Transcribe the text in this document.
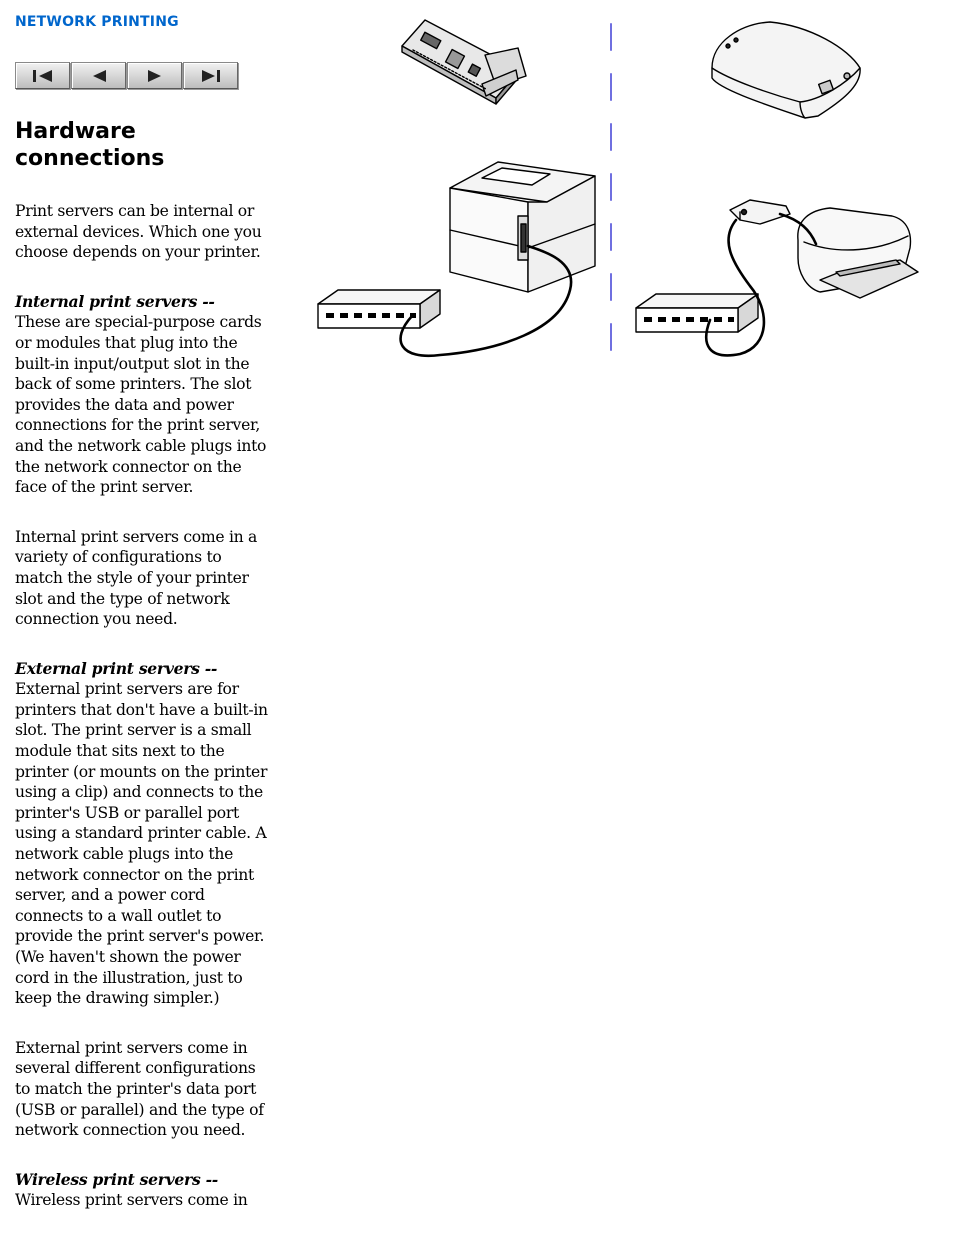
NETWORK PRINTING
Hardware connections

Print servers can be internal or external devices. Which one you choose depends on your printer.

Internal print servers --
These are special-purpose cards or modules that plug into the built-in input/output slot in the back of some printers. The slot provides the data and power connections for the print server, and the network cable plugs into the network connector on the face of the print server.

Internal print servers come in a variety of configurations to match the style of your printer slot and the type of network connection you need.

External print servers --
External print servers are for printers that don't have a built-in slot. The print server is a small module that sits next to the printer (or mounts on the printer using a clip) and connects to the printer's USB or parallel port using a standard printer cable. A network cable plugs into the network connector on the print server, and a power cord connects to a wall outlet to provide the print server's power. (We haven't shown the power cord in the illustration, just to keep the drawing simpler.)

External print servers come in several different configurations to match the printer's data port (USB or parallel) and the type of network connection you need.

Wireless print servers --
Wireless print servers come in
